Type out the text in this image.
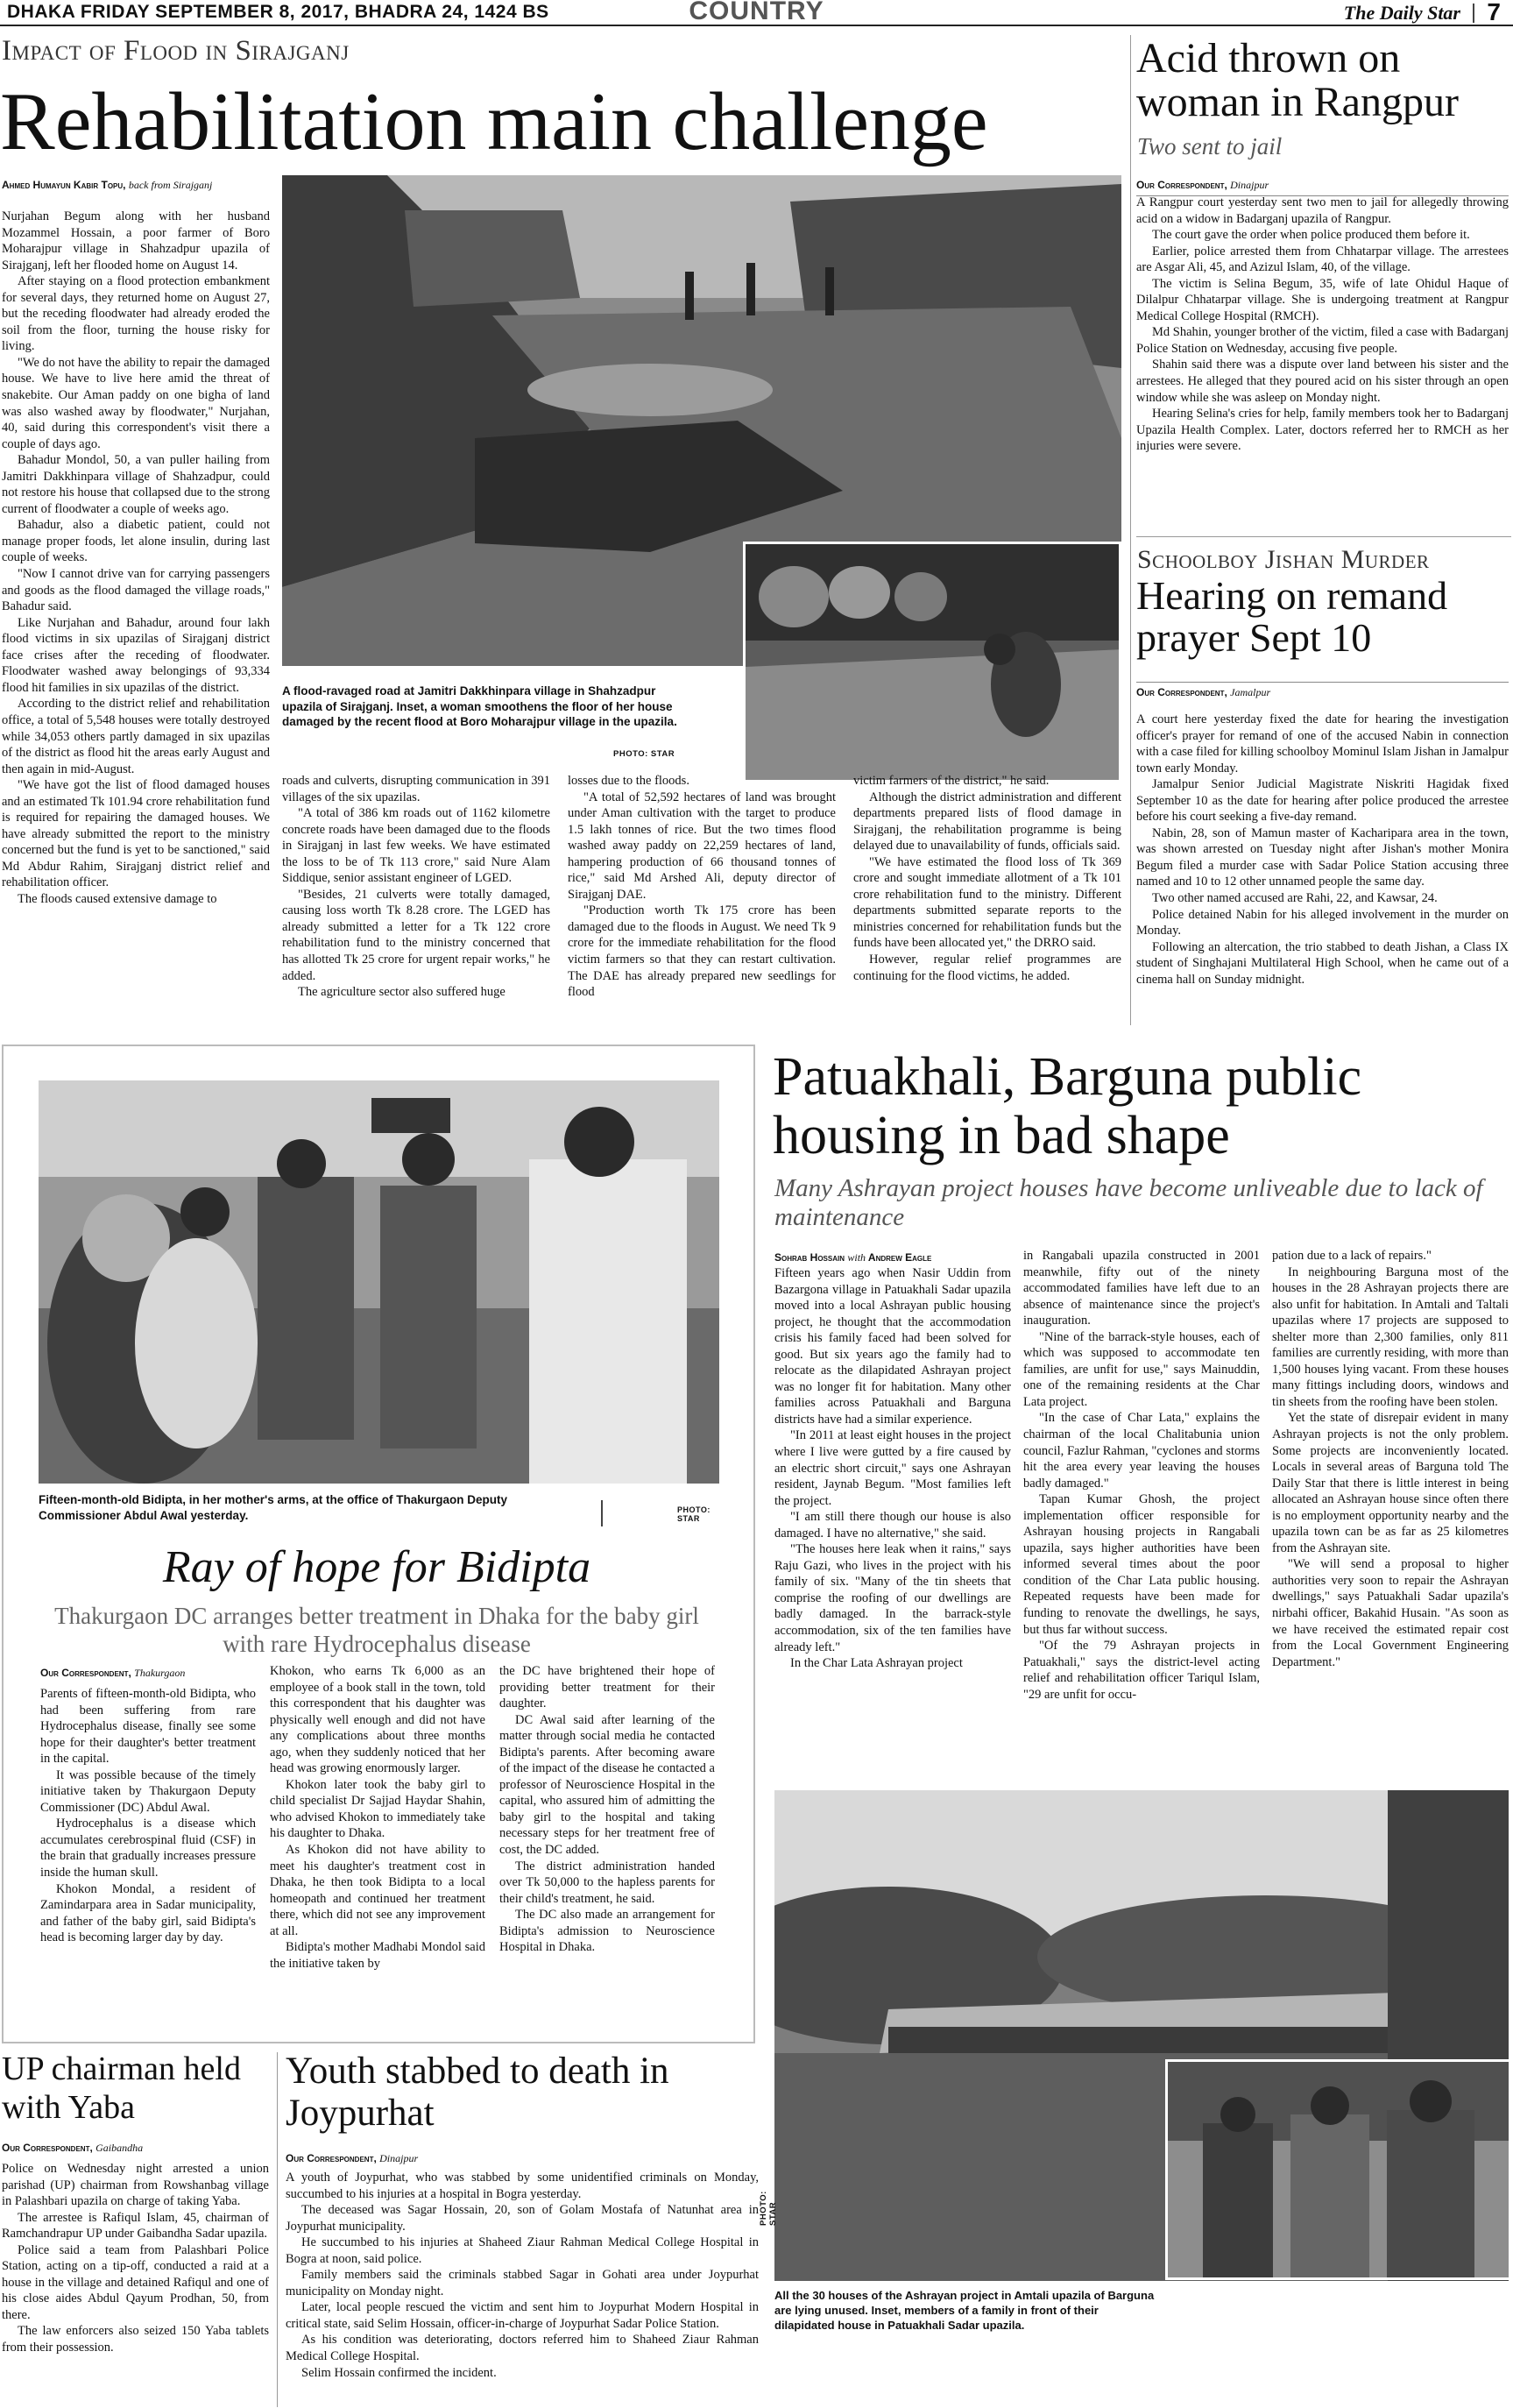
DHAKA FRIDAY SEPTEMBER 8, 2017, BHADRA 24, 1424 BS	COUNTRY	The Daily Star 7
Impact of Flood in Sirajganj
Rehabilitation main challenge
Ahmed Humayun Kabir Topu, back from Sirajganj

Nurjahan Begum along with her husband Mozammel Hossain, a poor farmer of Boro Moharajpur village in Shahzadpur upazila of Sirajganj, left her flooded home on August 14.

After staying on a flood protection embankment for several days, they returned home on August 27, but the receding floodwater had already eroded the soil from the floor, turning the house risky for living.

"We do not have the ability to repair the damaged house. We have to live here amid the threat of snakebite. Our Aman paddy on one bigha of land was also washed away by floodwater," Nurjahan, 40, said during this correspondent's visit there a couple of days ago.

Bahadur Mondol, 50, a van puller hailing from Jamitri Dakkhinpara village of Shahzadpur, could not restore his house that collapsed due to the strong current of floodwater a couple of weeks ago.

Bahadur, also a diabetic patient, could not manage proper foods, let alone insulin, during last couple of weeks.

"Now I cannot drive van for carrying passengers and goods as the flood damaged the village roads," Bahadur said.

Like Nurjahan and Bahadur, around four lakh flood victims in six upazilas of Sirajganj district face crises after the receding of floodwater. Floodwater washed away belongings of 93,334 flood hit families in six upazilas of the district.

According to the district relief and rehabilitation office, a total of 5,548 houses were totally destroyed while 34,053 others partly damaged in six upazilas of the district as flood hit the areas early August and then again in mid-August.

"We have got the list of flood damaged houses and an estimated Tk 101.94 crore rehabilitation fund is required for repairing the damaged houses. We have already submitted the report to the ministry concerned but the fund is yet to be sanctioned," said Md Abdur Rahim, Sirajganj district relief and rehabilitation officer.

The floods caused extensive damage to

A flood-ravaged road at Jamitri Dakkhinpara village in Shahzadpur upazila of Sirajganj. Inset, a woman smoothens the floor of her house damaged by the recent flood at Boro Moharajpur village in the upazila.
PHOTO: STAR

roads and culverts, disrupting communication in 391 villages of the six upazilas.

"A total of 386 km roads out of 1162 kilometre concrete roads have been damaged due to the floods in Sirajganj in last few weeks. We have estimated the loss to be of Tk 113 crore," said Nure Alam Siddique, senior assistant engineer of LGED.

"Besides, 21 culverts were totally damaged, causing loss worth Tk 8.28 crore. The LGED has already submitted a letter for a Tk 122 crore rehabilitation fund to the ministry concerned that has allotted Tk 25 crore for urgent repair works," he added.

The agriculture sector also suffered huge

losses due to the floods.

"A total of 52,592 hectares of land was brought under Aman cultivation with the target to produce 1.5 lakh tonnes of rice. But the two times flood washed away paddy on 22,259 hectares of land, hampering production of 66 thousand tonnes of rice," said Md Arshed Ali, deputy director of Sirajganj DAE.

"Production worth Tk 175 crore has been damaged due to the floods in August. We need Tk 9 crore for the immediate rehabilitation for the flood victim farmers so that they can restart cultivation. The DAE has already prepared new seedlings for flood

victim farmers of the district," he said.

Although the district administration and different departments prepared lists of flood damage in Sirajganj, the rehabilitation programme is being delayed due to unavailability of funds, officials said.

"We have estimated the flood loss of Tk 369 crore and sought immediate allotment of a Tk 101 crore rehabilitation fund to the ministry. Different departments submitted separate reports to the ministries concerned for rehabilitation funds but the funds have been allocated yet," the DRRO said.

However, regular relief programmes are continuing for the flood victims, he added.

Acid thrown on woman in Rangpur
Two sent to jail
Our Correspondent, Dinajpur

A Rangpur court yesterday sent two men to jail for allegedly throwing acid on a widow in Badarganj upazila of Rangpur.

The court gave the order when police produced them before it.

Earlier, police arrested them from Chhatarpar village. The arrestees are Asgar Ali, 45, and Azizul Islam, 40, of the village.

The victim is Selina Begum, 35, wife of late Ohidul Haque of Dilalpur Chhatarpar village. She is undergoing treatment at Rangpur Medical College Hospital (RMCH).

Md Shahin, younger brother of the victim, filed a case with Badarganj Police Station on Wednesday, accusing five people.

Shahin said there was a dispute over land between his sister and the arrestees. He alleged that they poured acid on his sister through an open window while she was asleep on Monday night.

Hearing Selina's cries for help, family members took her to Badarganj Upazila Health Complex. Later, doctors referred her to RMCH as her injuries were severe.

Schoolboy Jishan Murder
Hearing on remand prayer Sept 10
Our Correspondent, Jamalpur

A court here yesterday fixed the date for hearing the investigation officer's prayer for remand of one of the accused Nabin in connection with a case filed for killing schoolboy Mominul Islam Jishan in Jamalpur town early Monday.

Jamalpur Senior Judicial Magistrate Niskriti Hagidak fixed September 10 as the date for hearing after police produced the arrestee before his court seeking a five-day remand.

Nabin, 28, son of Mamun master of Kacharipara area in the town, was shown arrested on Tuesday night after Jishan's mother Monira Begum filed a murder case with Sadar Police Station accusing three named and 10 to 12 other unnamed people the same day.

Two other named accused are Rahi, 22, and Kawsar, 24.

Police detained Nabin for his alleged involvement in the murder on Monday.

Following an altercation, the trio stabbed to death Jishan, a Class IX student of Singhajani Multilateral High School, when he came out of a cinema hall on Sunday midnight.

Fifteen-month-old Bidipta, in her mother's arms, at the office of Thakurgaon Deputy Commissioner Abdul Awal yesterday.	PHOTO: STAR
Ray of hope for Bidipta
Thakurgaon DC arranges better treatment in Dhaka for the baby girl with rare Hydrocephalus disease
Our Correspondent, Thakurgaon

Parents of fifteen-month-old Bidipta, who had been suffering from rare Hydrocephalus disease, finally see some hope for their daughter's better treatment in the capital.

It was possible because of the timely initiative taken by Thakurgaon Deputy Commissioner (DC) Abdul Awal.

Hydrocephalus is a disease which accumulates cerebrospinal fluid (CSF) in the brain that gradually increases pressure inside the human skull.

Khokon Mondal, a resident of Zamindarpara area in Sadar municipality, and father of the baby girl, said Bidipta's head is becoming larger day by day.

Khokon, who earns Tk 6,000 as an employee of a book stall in the town, told this correspondent that his daughter was physically well enough and did not have any complications about three months ago, when they suddenly noticed that her head was growing enormously larger.

Khokon later took the baby girl to child specialist Dr Sajjad Haydar Shahin, who advised Khokon to immediately take his daughter to Dhaka.

As Khokon did not have ability to meet his daughter's treatment cost in Dhaka, he then took Bidipta to a local homeopath and continued her treatment there, which did not see any improvement at all.

Bidipta's mother Madhabi Mondol said the initiative taken by

the DC have brightened their hope of providing better treatment for their daughter.

DC Awal said after learning of the matter through social media he contacted Bidipta's parents. After becoming aware of the impact of the disease he contacted a professor of Neuroscience Hospital in the capital, who assured him of admitting the baby girl to the hospital and taking necessary steps for her treatment free of cost, the DC added.

The district administration handed over Tk 50,000 to the hapless parents for their child's treatment, he said.

The DC also made an arrangement for Bidipta's admission to Neuroscience Hospital in Dhaka.

Patuakhali, Barguna public housing in bad shape
Many Ashrayan project houses have become unliveable due to lack of maintenance
Sohrab Hossain with Andrew Eagle

Fifteen years ago when Nasir Uddin from Bazargona village in Patuakhali Sadar upazila moved into a local Ashrayan public housing project, he thought that the accommodation crisis his family faced had been solved for good. But six years ago the family had to relocate as the dilapidated Ashrayan project was no longer fit for habitation. Many other families across Patuakhali and Barguna districts have had a similar experience.

"In 2011 at least eight houses in the project where I live were gutted by a fire caused by an electric short circuit," says one Ashrayan resident, Jaynab Begum. "Most families left the project.

"I am still there though our house is also damaged. I have no alternative," she said.

"The houses here leak when it rains," says Raju Gazi, who lives in the project with his family of six. "Many of the tin sheets that comprise the roofing of our dwellings are badly damaged. In the barrack-style accommodation, six of the ten families have already left."

In the Char Lata Ashrayan project

in Rangabali upazila constructed in 2001 meanwhile, fifty out of the ninety accommodated families have left due to an absence of maintenance since the project's inauguration.

"Nine of the barrack-style houses, each of which was supposed to accommodate ten families, are unfit for use," says Mainuddin, one of the remaining residents at the Char Lata project.

"In the case of Char Lata," explains the chairman of the local Chalitabunia union council, Fazlur Rahman, "cyclones and storms hit the area every year leaving the houses badly damaged."

Tapan Kumar Ghosh, the project implementation officer responsible for Ashrayan housing projects in Rangabali upazila, says higher authorities have been informed several times about the poor condition of the Char Lata public housing. Repeated requests have been made for funding to renovate the dwellings, he says, but thus far without success.

"Of the 79 Ashrayan projects in Patuakhali," says the district-level acting relief and rehabilitation officer Tariqul Islam, "29 are unfit for occu-

pation due to a lack of repairs."

In neighbouring Barguna most of the houses in the 28 Ashrayan projects there are also unfit for habitation. In Amtali and Taltali upazilas where 17 projects are supposed to shelter more than 2,300 families, only 811 families are currently residing, with more than 1,500 houses lying vacant. From these houses many fittings including doors, windows and tin sheets from the roofing have been stolen.

Yet the state of disrepair evident in many Ashrayan projects is not the only problem. Some projects are inconveniently located. Locals in several areas of Barguna told The Daily Star that there is little interest in being allocated an Ashrayan house since often there is no employment opportunity nearby and the upazila town can be as far as 25 kilometres from the Ashrayan site.

"We will send a proposal to higher authorities very soon to repair the Ashrayan dwellings," says Patuakhali Sadar upazila's nirbahi officer, Bakahid Husain. "As soon as we have received the estimated repair cost from the Local Government Engineering Department."

PHOTO: STAR
All the 30 houses of the Ashrayan project in Amtali upazila of Barguna are lying unused. Inset, members of a family in front of their dilapidated house in Patuakhali Sadar upazila.
UP chairman held with Yaba
Our Correspondent, Gaibandha

Police on Wednesday night arrested a union parishad (UP) chairman from Rowshanbag village in Palashbari upazila on charge of taking Yaba.

The arrestee is Rafiqul Islam, 45, chairman of Ramchandrapur UP under Gaibandha Sadar upazila.

Police said a team from Palashbari Police Station, acting on a tip-off, conducted a raid at a house in the village and detained Rafiqul and one of his close aides Abdul Qayum Prodhan, 50, from there.

The law enforcers also seized 150 Yaba tablets from their possession.

Youth stabbed to death in Joypurhat
Our Correspondent, Dinajpur

A youth of Joypurhat, who was stabbed by some unidentified criminals on Monday, succumbed to his injuries at a hospital in Bogra yesterday.

The deceased was Sagar Hossain, 20, son of Golam Mostafa of Natunhat area in Joypurhat municipality.

He succumbed to his injuries at Shaheed Ziaur Rahman Medical College Hospital in Bogra at noon, said police.

Family members said the criminals stabbed Sagar in Gohati area under Joypurhat municipality on Monday night.

Later, local people rescued the victim and sent him to Joypurhat Modern Hospital in critical state, said Selim Hossain, officer-in-charge of Joypurhat Sadar Police Station.

As his condition was deteriorating, doctors referred him to Shaheed Ziaur Rahman Medical College Hospital.

Selim Hossain confirmed the incident.
